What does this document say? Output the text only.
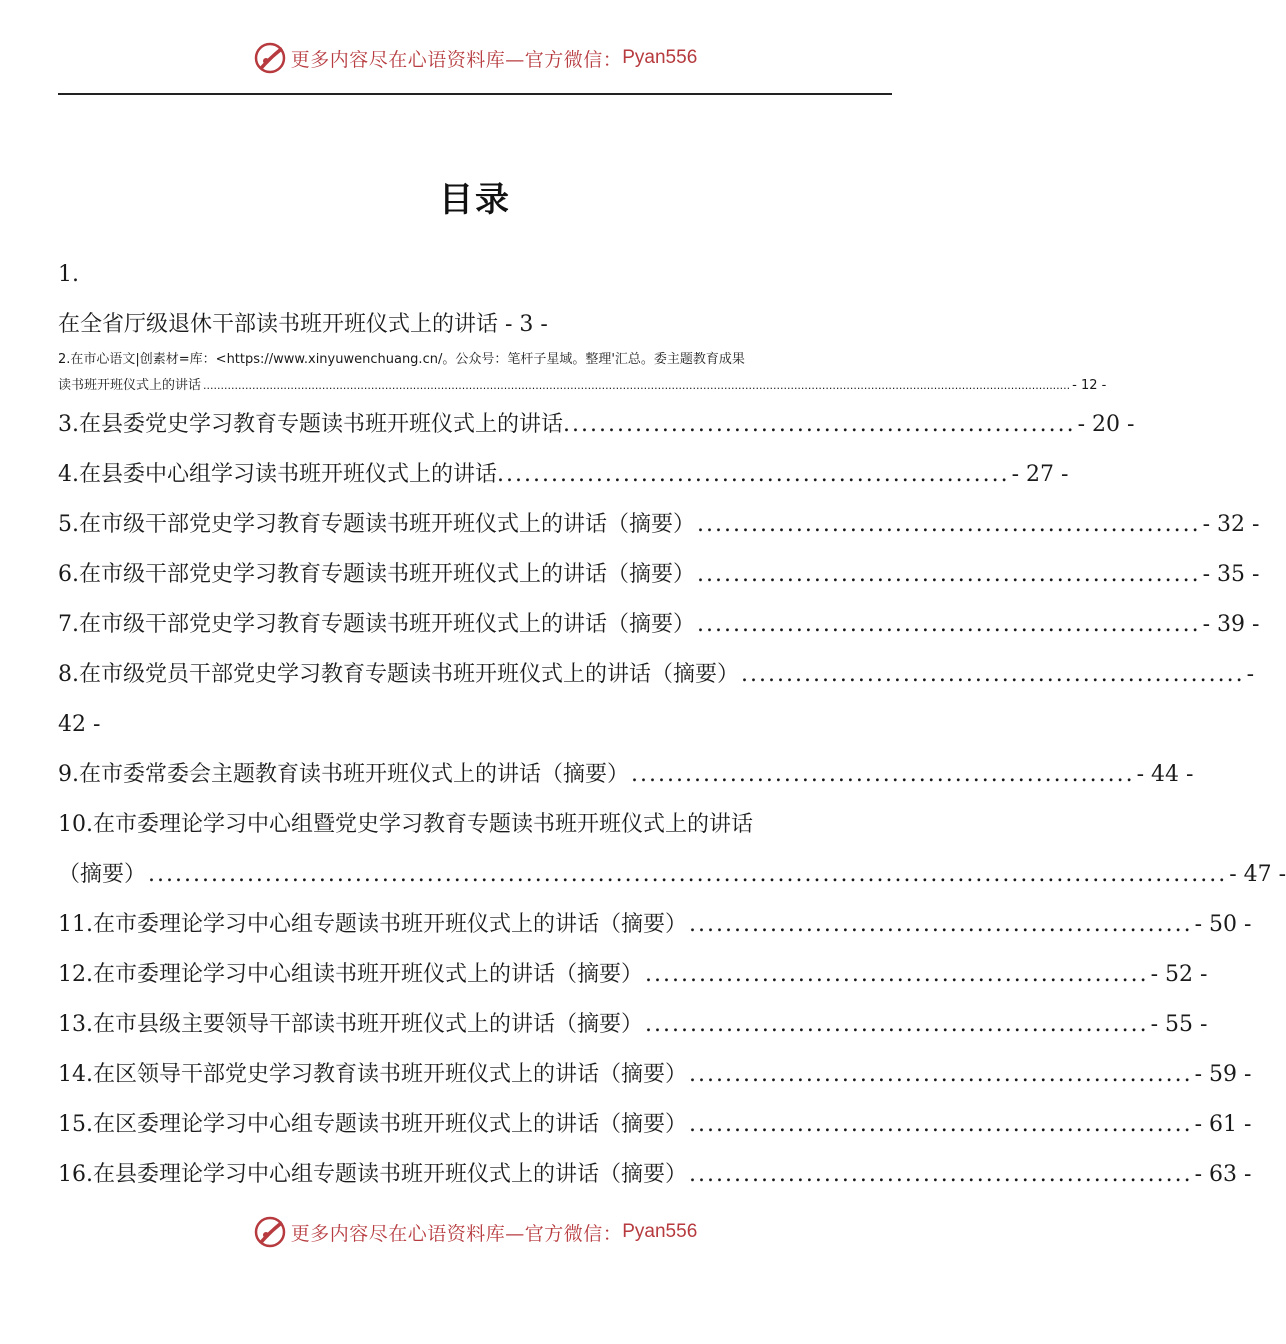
更多内容尽在心语资料库—官方微信： Pyan556
目录
1.
在全省厅级退休干部读书班开班仪式上的讲话 - 3 -
2.在市心语文|创素材=库：<https://www.xinyuwenchuang.cn/。公众号：笔杆子星域。整理'汇总。委主题教育成果
读书班开班仪式上的讲话 ........................................................................................................................................................................................................................................................ - 12 -
3.在县委党史学习教育专题读书班开班仪式上的讲话. ........................................................ - 20 -
4.在县委中心组学习读书班开班仪式上的讲话. ........................................................ - 27 -
5.在市级干部党史学习教育专题读书班开班仪式上的讲话（摘要） ........................................................ - 32 -
6.在市级干部党史学习教育专题读书班开班仪式上的讲话（摘要） ........................................................ - 35 -
7.在市级干部党史学习教育专题读书班开班仪式上的讲话（摘要） ........................................................ - 39 -
8.在市级党员干部党史学习教育专题读书班开班仪式上的讲话（摘要） ........................................................ -
42 -
9.在市委常委会主题教育读书班开班仪式上的讲话（摘要） ........................................................ - 44 -
10.在市委理论学习中心组暨党史学习教育专题读书班开班仪式上的讲话
（摘要） ........................................................................................................................ - 47 -
11.在市委理论学习中心组专题读书班开班仪式上的讲话（摘要） ........................................................ - 50 -
12.在市委理论学习中心组读书班开班仪式上的讲话（摘要） ........................................................ - 52 -
13.在市县级主要领导干部读书班开班仪式上的讲话（摘要） ........................................................ - 55 -
14.在区领导干部党史学习教育读书班开班仪式上的讲话（摘要） ........................................................ - 59 -
15.在区委理论学习中心组专题读书班开班仪式上的讲话（摘要） ........................................................ - 61 -
16.在县委理论学习中心组专题读书班开班仪式上的讲话（摘要） ........................................................ - 63 -
更多内容尽在心语资料库—官方微信： Pyan556
